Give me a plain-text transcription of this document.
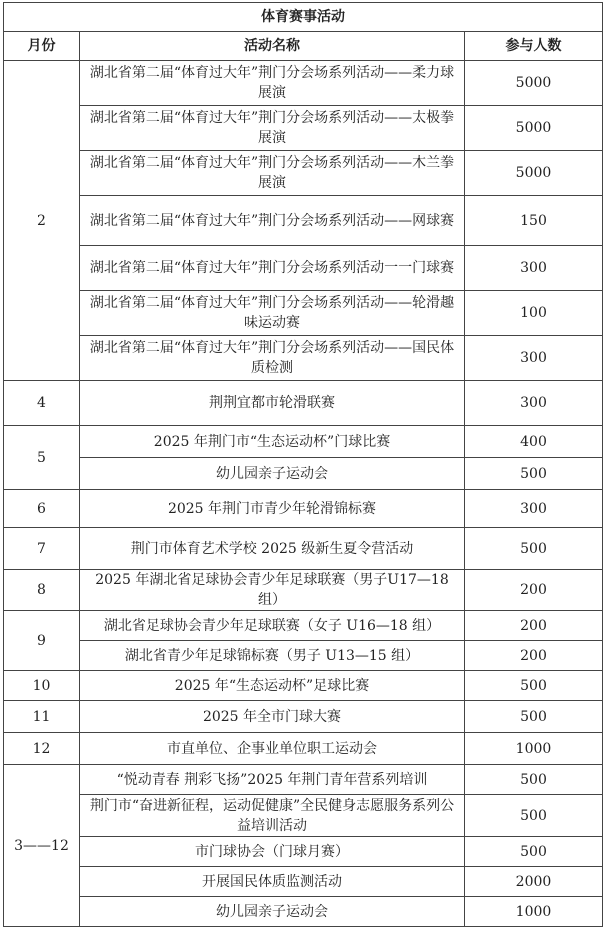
体育赛事活动		
月份	活动名称	参与人数
2	湖北省第二届“体育过大年”荆门分会场系列活动——柔力球展演	5000
	湖北省第二届“体育过大年”荆门分会场系列活动——太极拳展演	5000
	湖北省第二届“体育过大年”荆门分会场系列活动——木兰拳展演	5000
	湖北省第二届“体育过大年”荆门分会场系列活动——网球赛	150
	湖北省第二届“体育过大年”荆门分会场系列活动一一门球赛	300
	湖北省第二届“体育过大年”荆门分会场系列活动——轮滑趣味运动赛	100
	湖北省第二届“体育过大年”荆门分会场系列活动——国民体质检测	300
4	荆荆宜都市轮滑联赛	300
5	2025 年荆门市“生态运动杯”门球比赛	400
	幼儿园亲子运动会	500
6	2025 年荆门市青少年轮滑锦标赛	300
7	荆门市体育艺术学校 2025 级新生夏令营活动	500
8	2025 年湖北省足球协会青少年足球联赛（男子U17—18 组）	200
9	湖北省足球协会青少年足球联赛（女子 U16—18 组）	200
	湖北省青少年足球锦标赛（男子 U13—15 组）	200
10	2025 年“生态运动杯”足球比赛	500
11	2025 年全市门球大赛	500
12	市直单位、企事业单位职工运动会	1000
3——12	“悦动青春 荆彩飞扬”2025 年荆门青年营系列培训	500
	荆门市“奋进新征程，运动促健康”全民健身志愿服务系列公益培训活动	500
	市门球协会（门球月赛）	500
	开展国民体质监测活动	2000
	幼儿园亲子运动会	1000
